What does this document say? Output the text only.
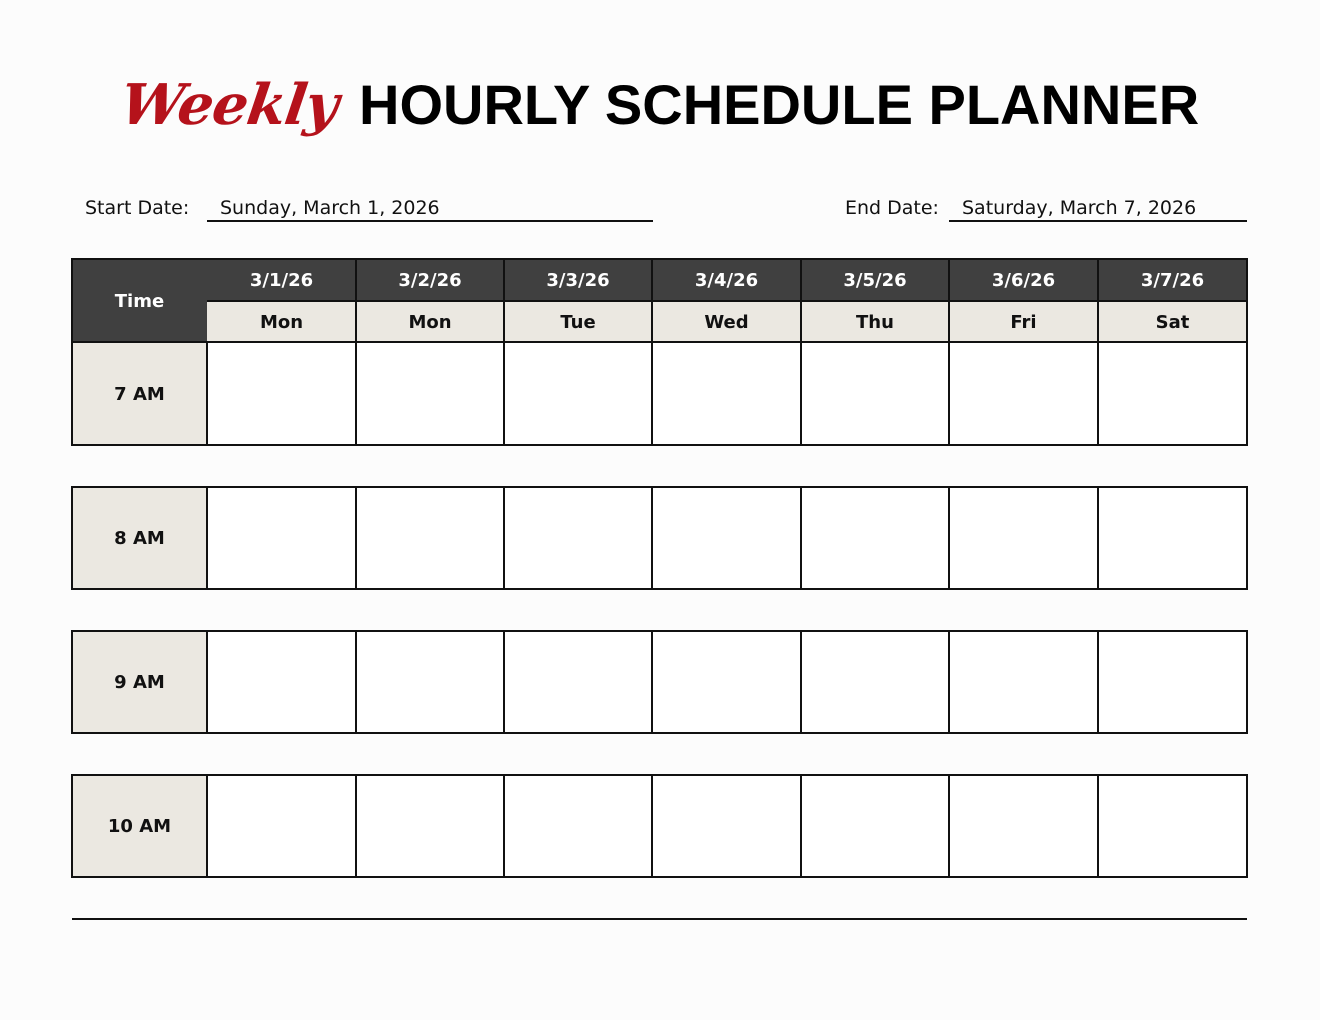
Weekly HOURLY SCHEDULE PLANNER
Start Date: Sunday, March 1, 2026	End Date: Saturday, March 7, 2026
Time
3/1/26
Mon
3/2/26
Mon
3/3/26
Tue
3/4/26
Wed
3/5/26
Thu
3/6/26
Fri
3/7/26
Sat
7 AM
8 AM
9 AM
10 AM
